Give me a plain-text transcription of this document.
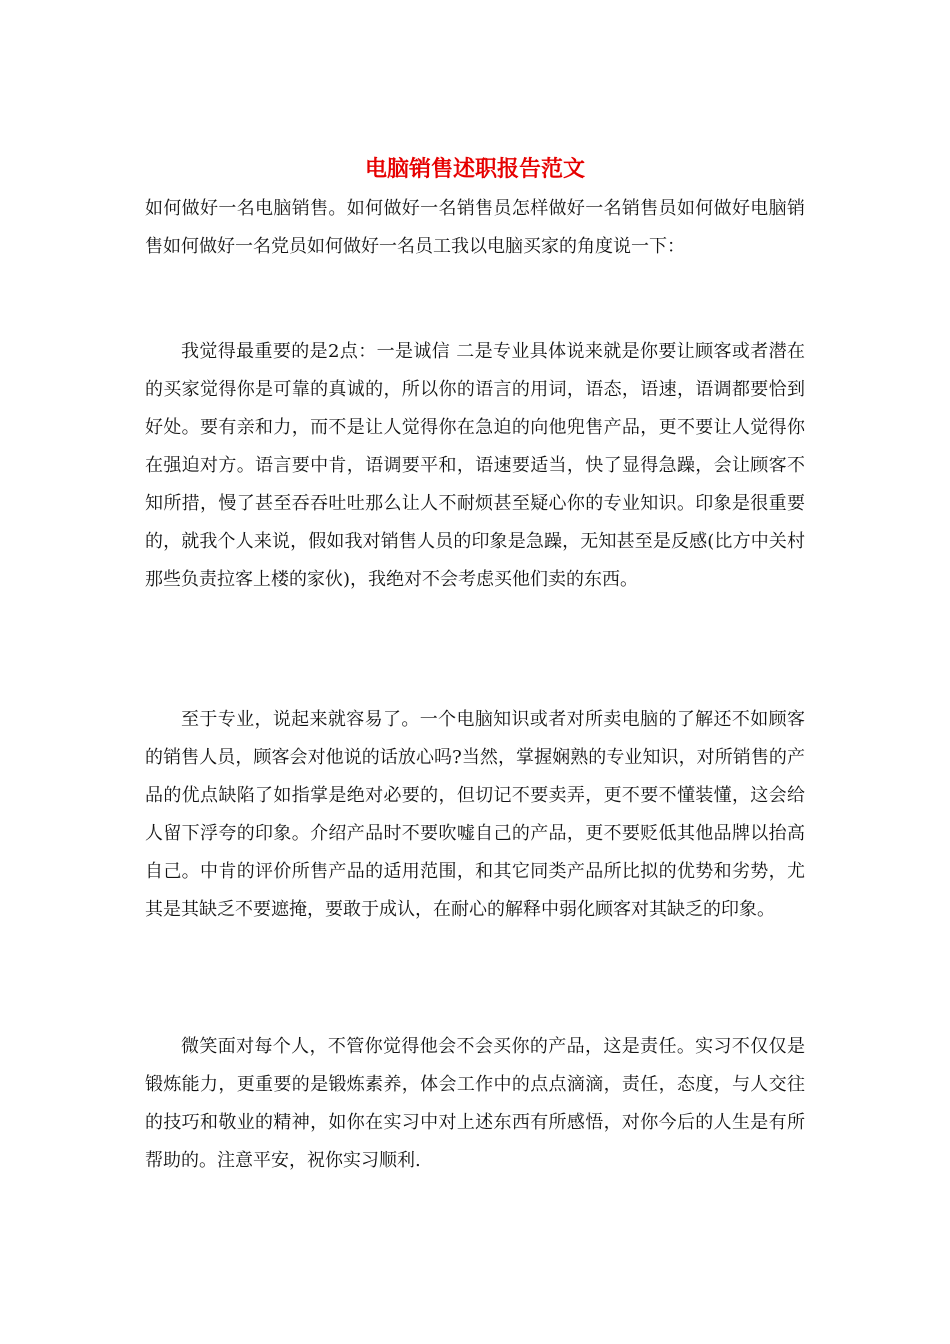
电脑销售述职报告范文

如何做好一名电脑销售。如何做好一名销售员怎样做好一名销售员如何做好电脑销售如何做好一名党员如何做好一名员工我以电脑买家的角度说一下：

我觉得最重要的是2点：一是诚信 二是专业具体说来就是你要让顾客或者潜在的买家觉得你是可靠的真诚的，所以你的语言的用词，语态，语速，语调都要恰到好处。要有亲和力，而不是让人觉得你在急迫的向他兜售产品，更不要让人觉得你在强迫对方。语言要中肯，语调要平和，语速要适当，快了显得急躁，会让顾客不知所措，慢了甚至吞吞吐吐那么让人不耐烦甚至疑心你的专业知识。印象是很重要的，就我个人来说，假如我对销售人员的印象是急躁，无知甚至是反感(比方中关村那些负责拉客上楼的家伙)，我绝对不会考虑买他们卖的东西。

至于专业，说起来就容易了。一个电脑知识或者对所卖电脑的了解还不如顾客的销售人员，顾客会对他说的话放心吗?当然，掌握娴熟的专业知识，对所销售的产品的优点缺陷了如指掌是绝对必要的，但切记不要卖弄，更不要不懂装懂，这会给人留下浮夸的印象。介绍产品时不要吹嘘自己的产品，更不要贬低其他品牌以抬高自己。中肯的评价所售产品的适用范围，和其它同类产品所比拟的优势和劣势，尤其是其缺乏不要遮掩，要敢于成认，在耐心的解释中弱化顾客对其缺乏的印象。

微笑面对每个人，不管你觉得他会不会买你的产品，这是责任。实习不仅仅是锻炼能力，更重要的是锻炼素养，体会工作中的点点滴滴，责任，态度，与人交往的技巧和敬业的精神，如你在实习中对上述东西有所感悟，对你今后的人生是有所帮助的。注意平安，祝你实习顺利.
